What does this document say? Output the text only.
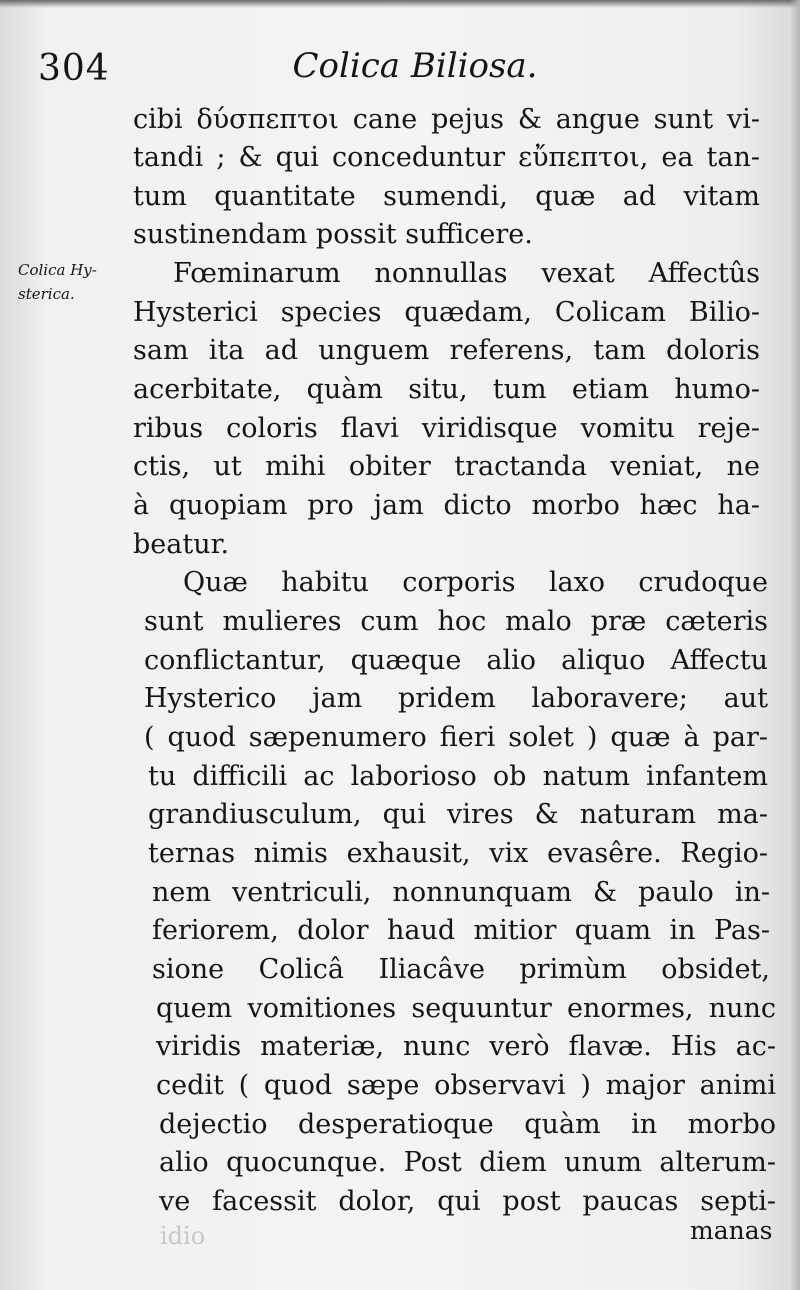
304	Colica Biliosa.
Colica Hy-
sterica.
cibi δύσπεπτοι cane pejus & angue sunt vi-
tandi ; & qui conceduntur εὔπεπτοι, ea tan-
tum quantitate sumendi, quæ ad vitam
sustinendam possit sufficere.
Fœminarum nonnullas vexat Affectûs
Hysterici species quædam, Colicam Bilio-
sam ita ad unguem referens, tam doloris
acerbitate, quàm situ, tum etiam humo-
ribus coloris flavi viridisque vomitu reje-
ctis, ut mihi obiter tractanda veniat, ne
à quopiam pro jam dicto morbo hæc ha-
beatur.
Quæ habitu corporis laxo crudoque
sunt mulieres cum hoc malo præ cæteris
conflictantur, quæque alio aliquo Affectu
Hysterico jam pridem laboravere; aut
( quod sæpenumero fieri solet ) quæ à par-
tu difficili ac laborioso ob natum infantem
grandiusculum, qui vires & naturam ma-
ternas nimis exhausit, vix evasêre. Regio-
nem ventriculi, nonnunquam & paulo in-
feriorem, dolor haud mitior quam in Pas-
sione Colicâ Iliacâve primùm obsidet,
quem vomitiones sequuntur enormes, nunc
viridis materiæ, nunc verò flavæ. His ac-
cedit ( quod sæpe observavi ) major animi
dejectio desperatioque quàm in morbo
alio quocunque. Post diem unum alterum-
ve facessit dolor, qui post paucas septi-
idio	manas
